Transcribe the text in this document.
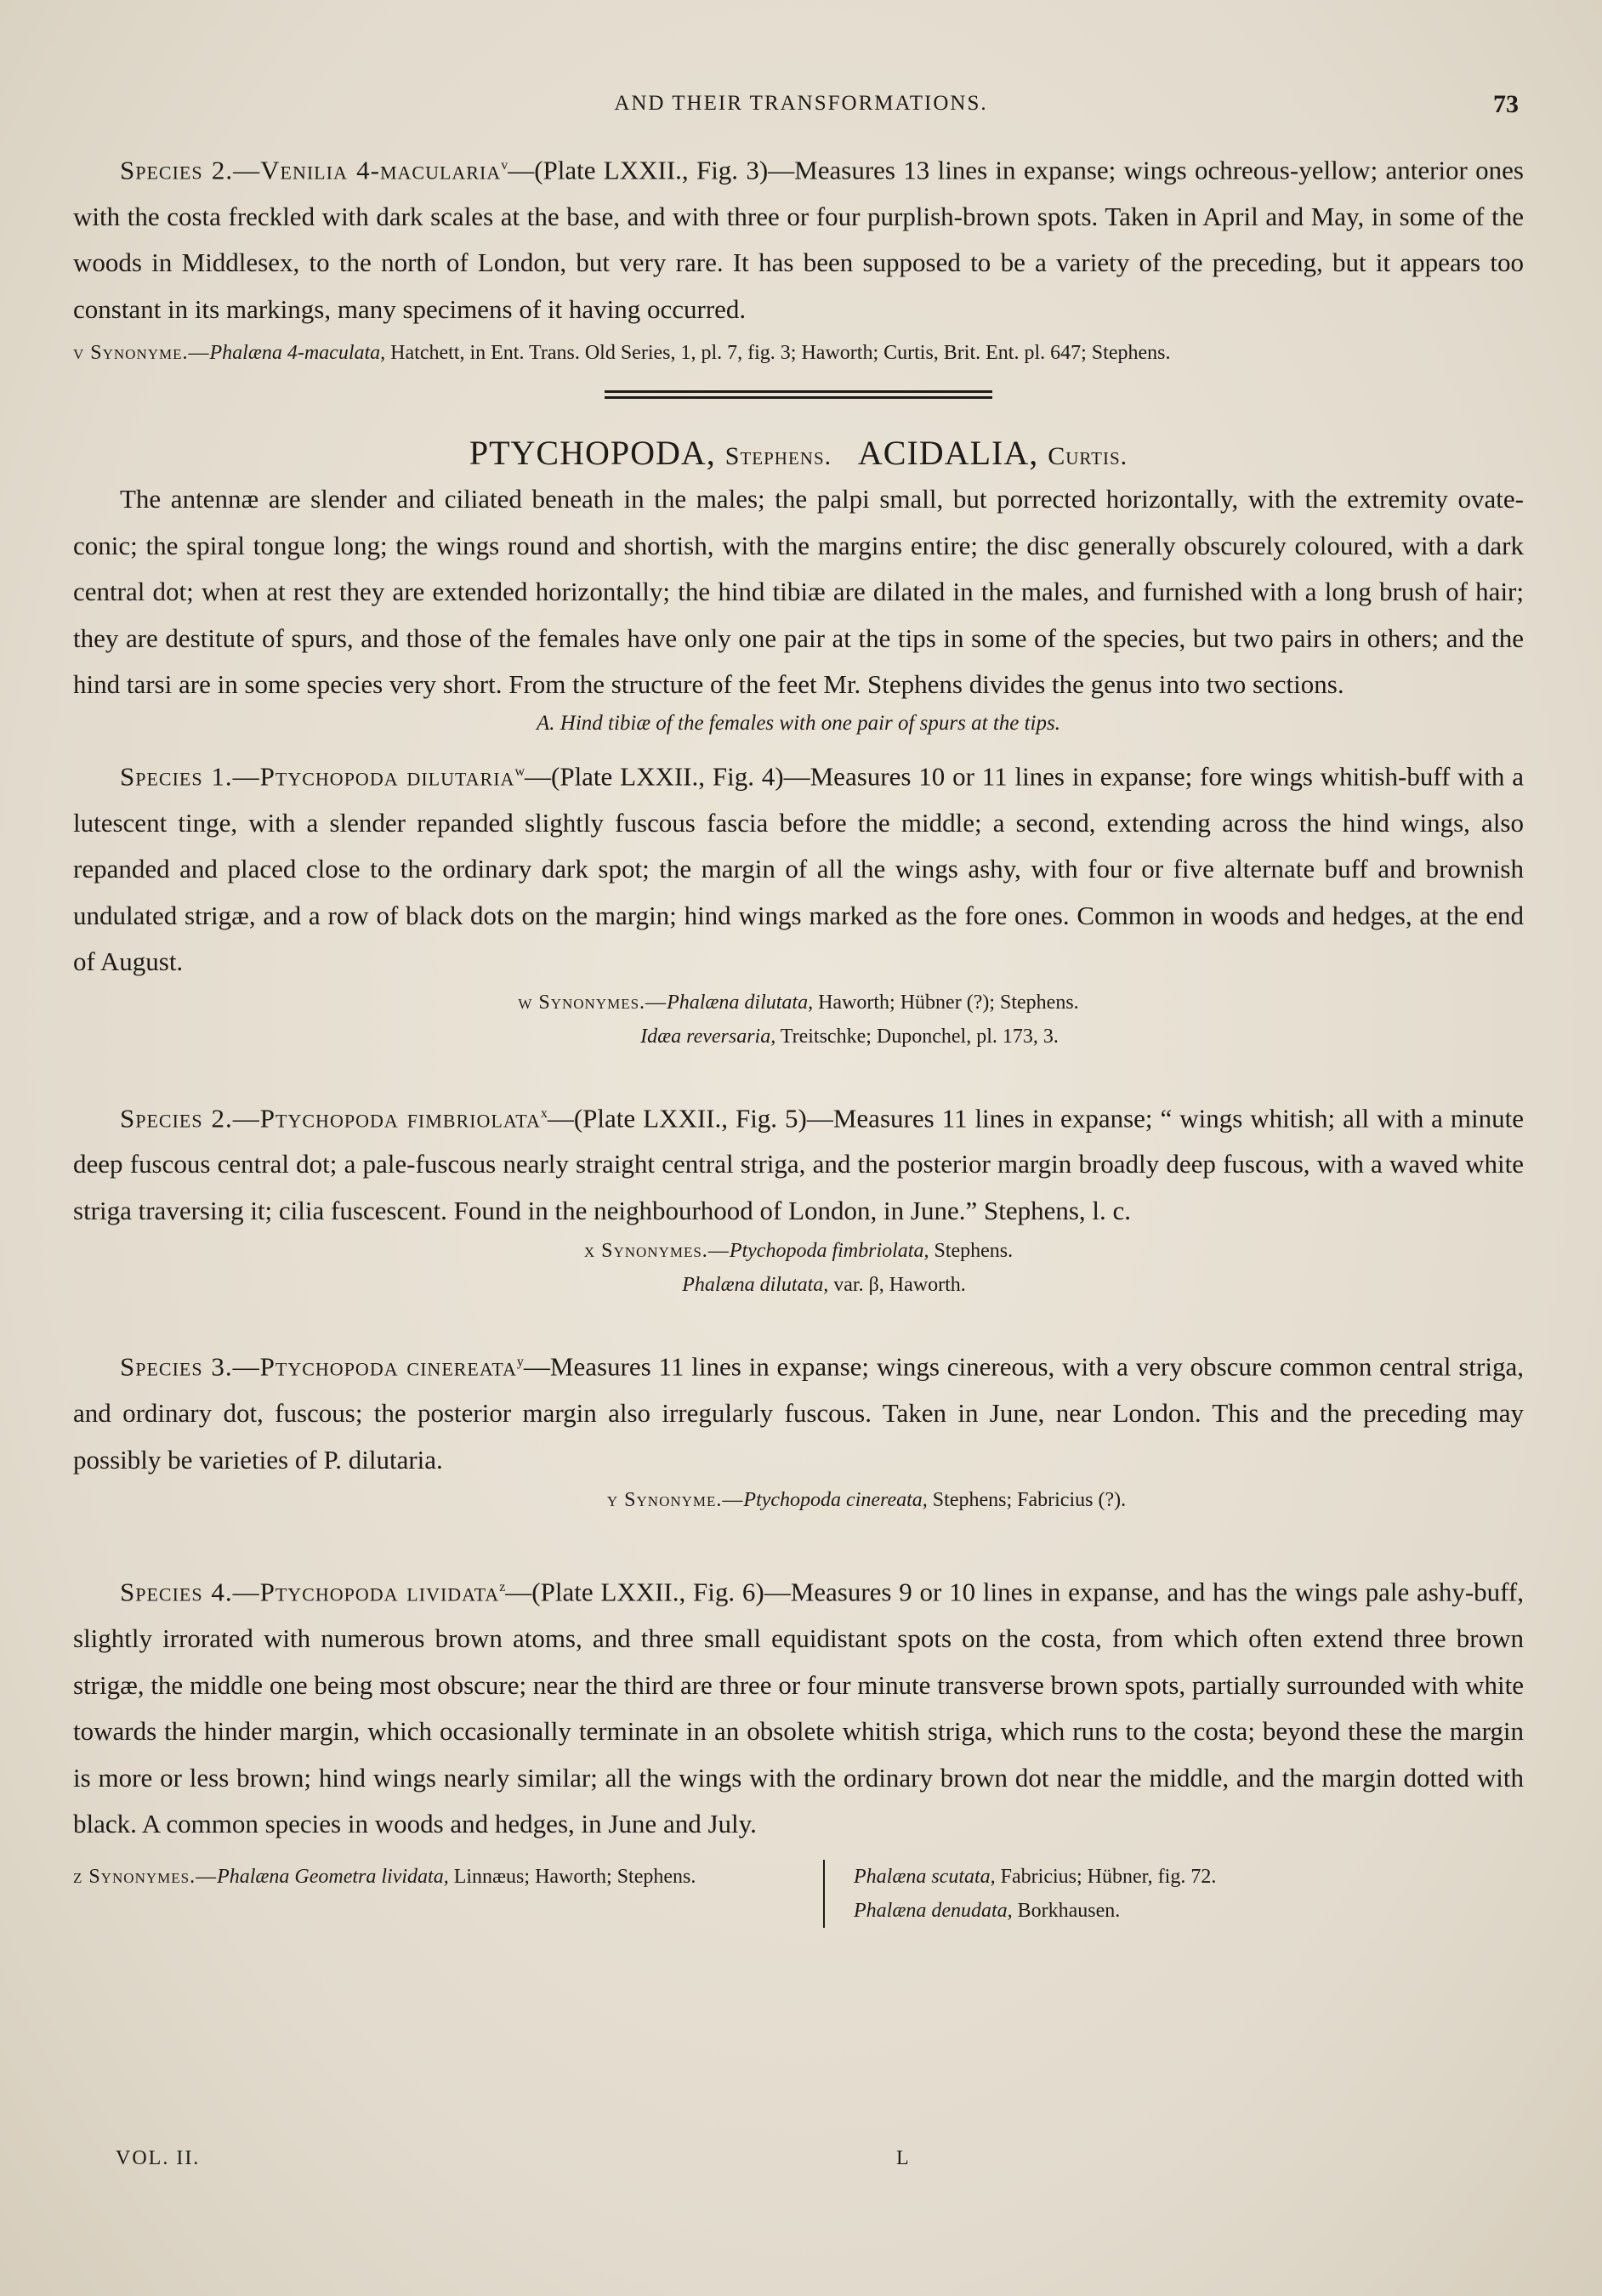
AND THEIR TRANSFORMATIONS.	73

Species 2.—Venilia 4-macularia$^v$—(Plate LXXII., Fig. 3)—Measures 13 lines in expanse; wings ochreous-yellow; anterior ones with the costa freckled with dark scales at the base, and with three or four purplish-brown spots. Taken in April and May, in some of the woods in Middlesex, to the north of London, but very rare. It has been supposed to be a variety of the preceding, but it appears too constant in its markings, many specimens of it having occurred.

v Synonyme.—Phalæna 4-maculata, Hatchett, in Ent. Trans. Old Series, 1, pl. 7, fig. 3; Haworth; Curtis, Brit. Ent. pl. 647; Stephens.

PTYCHOPODA, Stephens. ACIDALIA, Curtis.

The antennæ are slender and ciliated beneath in the males; the palpi small, but porrected horizontally, with the extremity ovate-conic; the spiral tongue long; the wings round and shortish, with the margins entire; the disc generally obscurely coloured, with a dark central dot; when at rest they are extended horizontally; the hind tibiæ are dilated in the males, and furnished with a long brush of hair; they are destitute of spurs, and those of the females have only one pair at the tips in some of the species, but two pairs in others; and the hind tarsi are in some species very short. From the structure of the feet Mr. Stephens divides the genus into two sections.

A. Hind tibiæ of the females with one pair of spurs at the tips.

Species 1.—Ptychopoda dilutaria$^w$—(Plate LXXII., Fig. 4)—Measures 10 or 11 lines in expanse; fore wings whitish-buff with a lutescent tinge, with a slender repanded slightly fuscous fascia before the middle; a second, extending across the hind wings, also repanded and placed close to the ordinary dark spot; the margin of all the wings ashy, with four or five alternate buff and brownish undulated strigæ, and a row of black dots on the margin; hind wings marked as the fore ones. Common in woods and hedges, at the end of August.

w Synonymes.—Phalæna dilutata, Haworth; Hübner (?); Stephens.

Idæa reversaria, Treitschke; Duponchel, pl. 173, 3.

Species 2.—Ptychopoda fimbriolata$^x$—(Plate LXXII., Fig. 5)—Measures 11 lines in expanse; “ wings whitish; all with a minute deep fuscous central dot; a pale-fuscous nearly straight central striga, and the posterior margin broadly deep fuscous, with a waved white striga traversing it; cilia fuscescent. Found in the neighbourhood of London, in June.” Stephens, l. c.

x Synonymes.—Ptychopoda fimbriolata, Stephens.

Phalæna dilutata, var. β, Haworth.

Species 3.—Ptychopoda cinereata$^y$—Measures 11 lines in expanse; wings cinereous, with a very obscure common central striga, and ordinary dot, fuscous; the posterior margin also irregularly fuscous. Taken in June, near London. This and the preceding may possibly be varieties of P. dilutaria.

y Synonyme.—Ptychopoda cinereata, Stephens; Fabricius (?).

Species 4.—Ptychopoda lividata$^z$—(Plate LXXII., Fig. 6)—Measures 9 or 10 lines in expanse, and has the wings pale ashy-buff, slightly irrorated with numerous brown atoms, and three small equidistant spots on the costa, from which often extend three brown strigæ, the middle one being most obscure; near the third are three or four minute transverse brown spots, partially surrounded with white towards the hinder margin, which occasionally terminate in an obsolete whitish striga, which runs to the costa; beyond these the margin is more or less brown; hind wings nearly similar; all the wings with the ordinary brown dot near the middle, and the margin dotted with black. A common species in woods and hedges, in June and July.

z Synonymes.—Phalæna Geometra lividata, Linnæus; Haworth; Stephens.	Phalæna scutata, Fabricius; Hübner, fig. 72.
Phalæna denudata, Borkhausen.
VOL. II.	L
